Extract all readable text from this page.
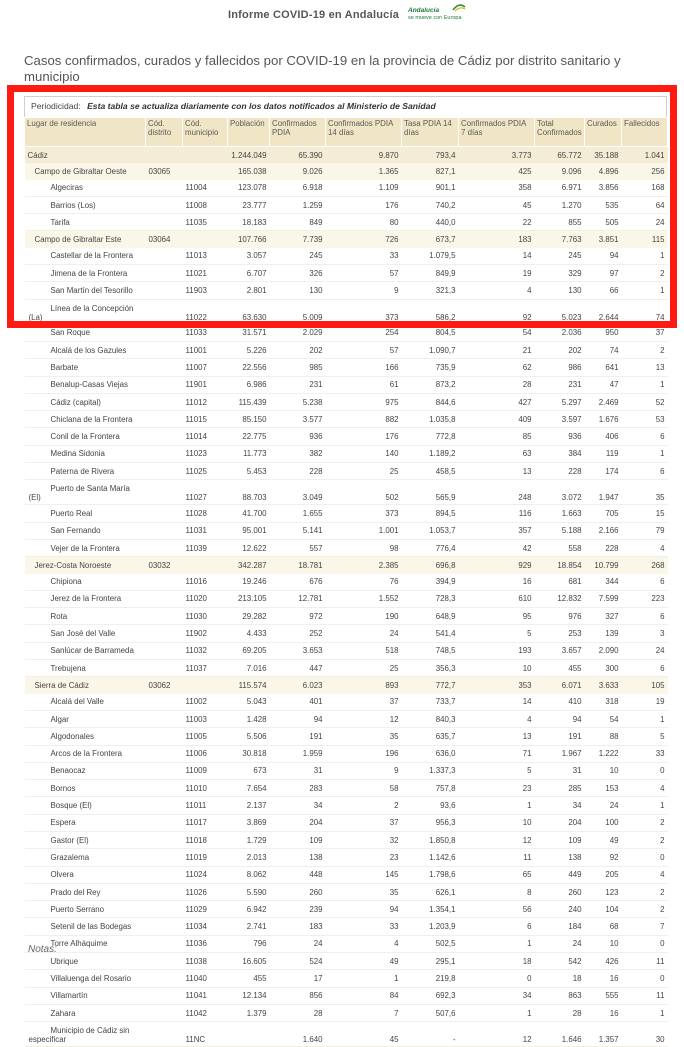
Informe COVID-19 en Andalucía Andalucía
se mueve con Europa
Casos confirmados, curados y fallecidos por COVID-19 en la provincia de Cádiz por distrito sanitario y municipio
Periodicidad: Esta tabla se actualiza diariamente con los datos notificados al Ministerio de Sanidad
Lugar de residencia	Cód. distrito	Cód. municipio	Población	Confirmados PDIA	Confirmados PDIA 14 días	Tasa PDIA 14 días	Confirmados PDIA 7 días	Total Confirmados	Curados	Fallecidos
Cádiz			1.244.049	65.390	9.870	793,4	3.773	65.772	35.188	1.041
Campo de Gibraltar Oeste	03065		165.038	9.026	1.365	827,1	425	9.096	4.896	256
Algeciras		11004	123.078	6.918	1.109	901,1	358	6.971	3.856	168
Barrios (Los)		11008	23.777	1.259	176	740,2	45	1.270	535	64
Tarifa		11035	18.183	849	80	440,0	22	855	505	24
Campo de Gibraltar Este	03064		107.766	7.739	726	673,7	183	7.763	3.851	115
Castellar de la Frontera		11013	3.057	245	33	1.079,5	14	245	94	1
Jimena de la Frontera		11021	6.707	326	57	849,9	19	329	97	2
San Martín del Tesorillo		11903	2.801	130	9	321,3	4	130	66	1
Línea de la Concepción
(La)		11022	63.630	5.009	373	586,2	92	5.023	2.644	74
San Roque		11033	31.571	2.029	254	804,5	54	2.036	950	37
Alcalá de los Gazules		11001	5.226	202	57	1.090,7	21	202	74	2
Barbate		11007	22.556	985	166	735,9	62	986	641	13
Benalup-Casas Viejas		11901	6.986	231	61	873,2	28	231	47	1
Cádiz (capital)		11012	115.439	5.238	975	844,6	427	5.297	2.469	52
Chiclana de la Frontera		11015	85.150	3.577	882	1.035,8	409	3.597	1.676	53
Conil de la Frontera		11014	22.775	936	176	772,8	85	936	406	6
Medina Sidonia		11023	11.773	382	140	1.189,2	63	384	119	1
Paterna de Rivera		11025	5.453	228	25	458,5	13	228	174	6
Puerto de Santa María
(El)		11027	88.703	3.049	502	565,9	248	3.072	1.947	35
Puerto Real		11028	41.700	1.655	373	894,5	116	1.663	705	15
San Fernando		11031	95.001	5.141	1.001	1.053,7	357	5.188	2.166	79
Vejer de la Frontera		11039	12.622	557	98	776,4	42	558	228	4
Jerez-Costa Noroeste	03032		342.287	18.781	2.385	696,8	929	18.854	10.799	268
Chipiona		11016	19.246	676	76	394,9	16	681	344	6
Jerez de la Frontera		11020	213.105	12.781	1.552	728,3	610	12.832	7.599	223
Rota		11030	29.282	972	190	648,9	95	976	327	6
San José del Valle		11902	4.433	252	24	541,4	5	253	139	3
Sanlúcar de Barrameda		11032	69.205	3.653	518	748,5	193	3.657	2.090	24
Trebujena		11037	7.016	447	25	356,3	10	455	300	6
Sierra de Cádiz	03062		115.574	6.023	893	772,7	353	6.071	3.633	105
Alcalá del Valle		11002	5.043	401	37	733,7	14	410	318	19
Algar		11003	1.428	94	12	840,3	4	94	54	1
Algodonales		11005	5.506	191	35	635,7	13	191	88	5
Arcos de la Frontera		11006	30.818	1.959	196	636,0	71	1.967	1.222	33
Benaocaz		11009	673	31	9	1.337,3	5	31	10	0
Bornos		11010	7.654	283	58	757,8	23	285	153	4
Bosque (El)		11011	2.137	34	2	93,6	1	34	24	1
Espera		11017	3.869	204	37	956,3	10	204	100	2
Gastor (El)		11018	1.729	109	32	1.850,8	12	109	49	2
Grazalema		11019	2.013	138	23	1.142,6	11	138	92	0
Olvera		11024	8.062	448	145	1.798,6	65	449	205	4
Prado del Rey		11026	5.590	260	35	626,1	8	260	123	2
Puerto Serrano		11029	6.942	239	94	1.354,1	56	240	104	2
Setenil de las Bodegas		11034	2.741	183	33	1.203,9	6	184	68	7
Torre Alháquime		11036	796	24	4	502,5	1	24	10	0
Ubrique		11038	16.605	524	49	295,1	18	542	426	11
Villaluenga del Rosario		11040	455	17	1	219,8	0	18	16	0
Villamartín		11041	12.134	856	84	692,3	34	863	555	11
Zahara		11042	1.379	28	7	507,6	1	28	16	1
Municipio de Cádiz sin
especificar		11NC		1.640	45	-	12	1.646	1.357	30
Notas:
